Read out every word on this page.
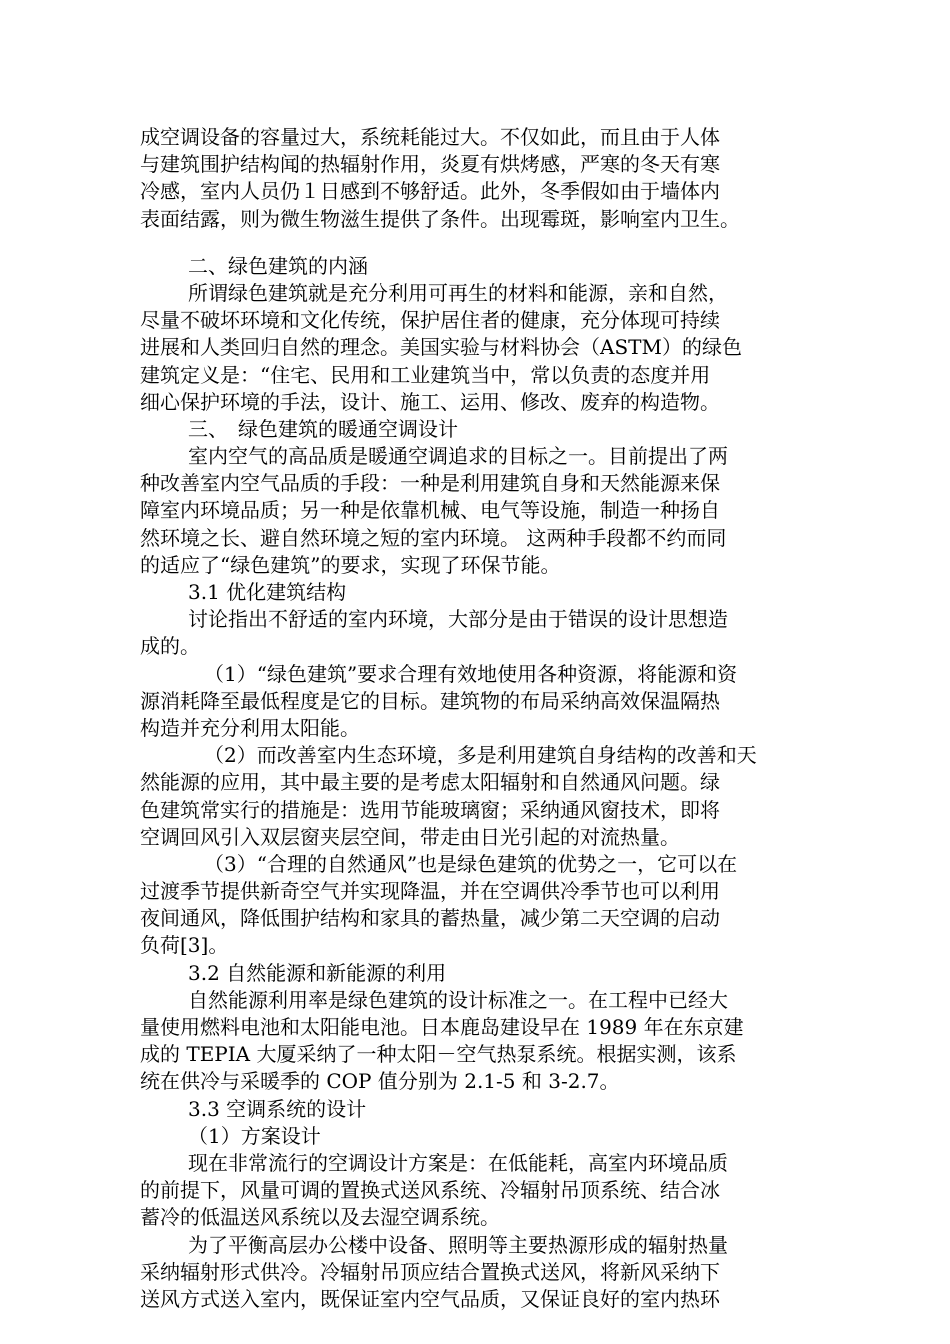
成空调设备的容量过大，系统耗能过大。不仅如此，而且由于人体
与建筑围护结构闻的热辐射作用，炎夏有烘烤感，严寒的冬天有寒
冷感，室内人员仍１日感到不够舒适。此外，冬季假如由于墙体内
表面结露，则为微生物滋生提供了条件。出现霉斑，影响室内卫生。
二、绿色建筑的内涵
所谓绿色建筑就是充分利用可再生的材料和能源，亲和自然，
尽量不破坏环境和文化传统，保护居住者的健康，充分体现可持续
进展和人类回归自然的理念。美国实验与材料协会（ASTM）的绿色
建筑定义是：“住宅、民用和工业建筑当中，常以负责的态度并用
细心保护环境的手法，设计、施工、运用、修改、废弃的构造物。
三、　绿色建筑的暖通空调设计
室内空气的高品质是暖通空调追求的目标之一。目前提出了两
种改善室内空气品质的手段：一种是利用建筑自身和天然能源来保
障室内环境品质；另一种是依靠机械、电气等设施，制造一种扬自
然环境之长、避自然环境之短的室内环境。 这两种手段都不约而同
的适应了“绿色建筑”的要求，实现了环保节能。
3.1 优化建筑结构
讨论指出不舒适的室内环境，大部分是由于错误的设计思想造
成的。
（1）“绿色建筑”要求合理有效地使用各种资源，将能源和资
源消耗降至最低程度是它的目标。建筑物的布局采纳高效保温隔热
构造并充分利用太阳能。
（2）而改善室内生态环境，多是利用建筑自身结构的改善和天
然能源的应用，其中最主要的是考虑太阳辐射和自然通风问题。绿
色建筑常实行的措施是：选用节能玻璃窗；采纳通风窗技术，即将
空调回风引入双层窗夹层空间，带走由日光引起的对流热量。
（3）“合理的自然通风”也是绿色建筑的优势之一，它可以在
过渡季节提供新奇空气并实现降温，并在空调供冷季节也可以利用
夜间通风，降低围护结构和家具的蓄热量，减少第二天空调的启动
负荷[3]。
3.2 自然能源和新能源的利用
自然能源利用率是绿色建筑的设计标准之一。在工程中已经大
量使用燃料电池和太阳能电池。日本鹿岛建设早在 1989 年在东京建
成的 TEPIA 大厦采纳了一种太阳－空气热泵系统。根据实测，该系
统在供冷与采暖季的 COP 值分别为 2.1-5 和 3-2.7。
3.3 空调系统的设计
（1）方案设计
现在非常流行的空调设计方案是：在低能耗，高室内环境品质
的前提下，风量可调的置换式送风系统、冷辐射吊顶系统、结合冰
蓄冷的低温送风系统以及去湿空调系统。
为了平衡高层办公楼中设备、照明等主要热源形成的辐射热量
采纳辐射形式供冷。冷辐射吊顶应结合置换式送风，将新风采纳下
送风方式送入室内，既保证室内空气品质，又保证良好的室内热环
